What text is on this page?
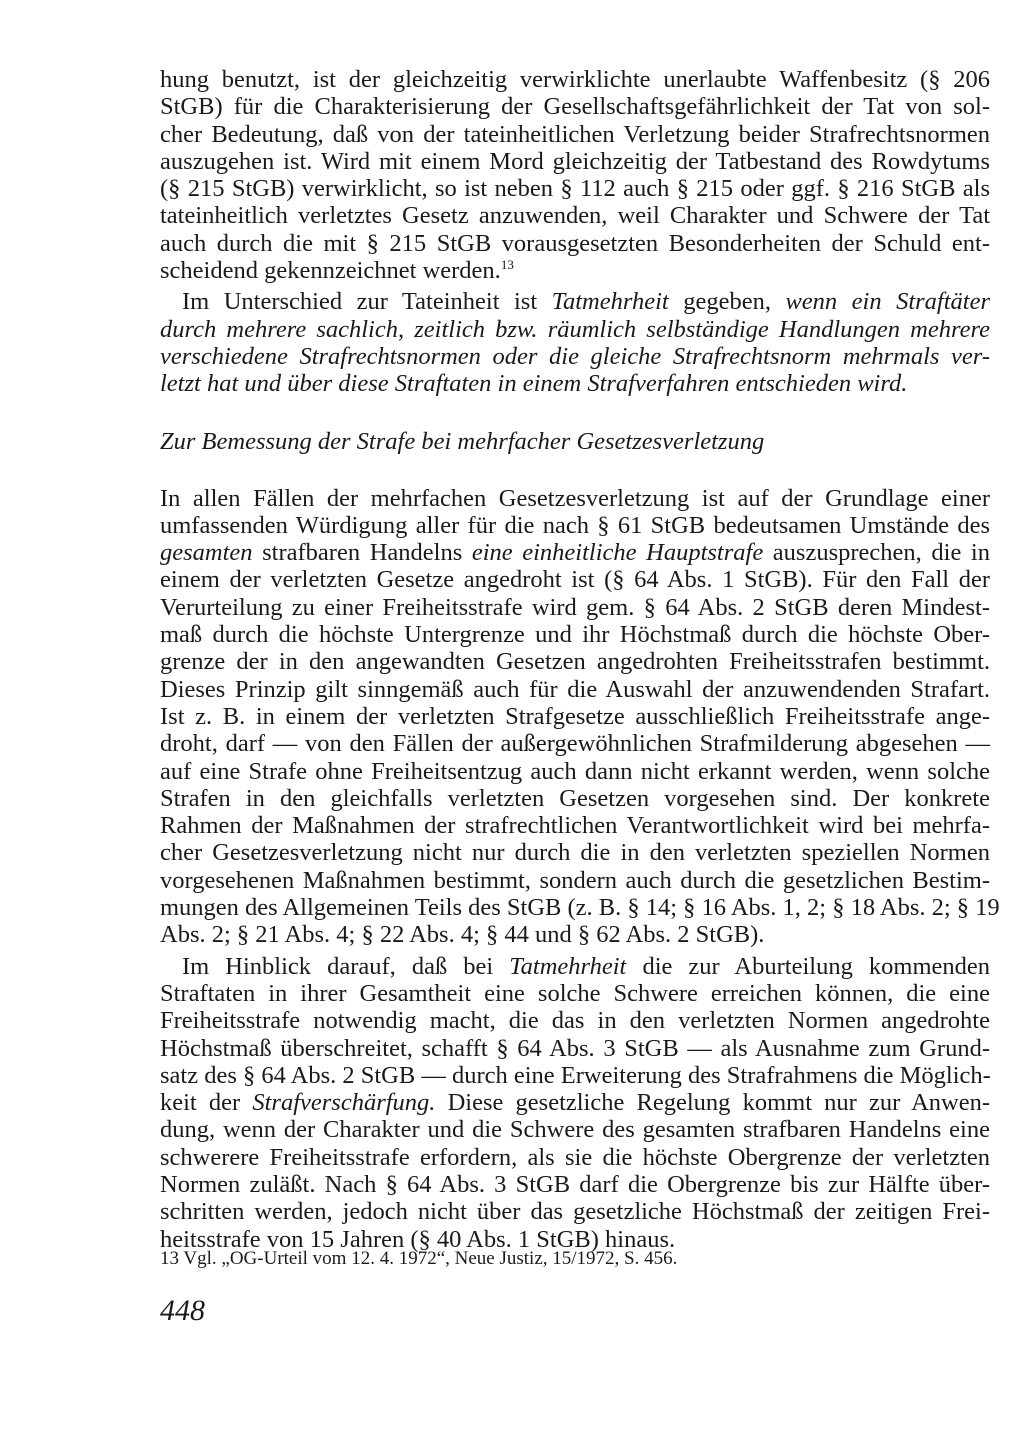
hung benutzt, ist der gleichzeitig verwirklichte unerlaubte Waffenbesitz (§ 206
StGB) für die Charakterisierung der Gesellschaftsgefährlichkeit der Tat von sol-
cher Bedeutung, daß von der tateinheitlichen Verletzung beider Strafrechtsnormen
auszugehen ist. Wird mit einem Mord gleichzeitig der Tatbestand des Rowdytums
(§ 215 StGB) verwirklicht, so ist neben § 112 auch § 215 oder ggf. § 216 StGB als
tateinheitlich verletztes Gesetz anzuwenden, weil Charakter und Schwere der Tat
auch durch die mit § 215 StGB vorausgesetzten Besonderheiten der Schuld ent-
scheidend gekennzeichnet werden.$^{13}$
Im Unterschied zur Tateinheit ist Tatmehrheit gegeben, wenn ein Straftäter
durch mehrere sachlich, zeitlich bzw. räumlich selbständige Handlungen mehrere
verschiedene Strafrechtsnormen oder die gleiche Strafrechtsnorm mehrmals ver-
letzt hat und über diese Straftaten in einem Strafverfahren entschieden wird.
Zur Bemessung der Strafe bei mehrfacher Gesetzesverletzung
In allen Fällen der mehrfachen Gesetzesverletzung ist auf der Grundlage einer
umfassenden Würdigung aller für die nach § 61 StGB bedeutsamen Umstände des
gesamten strafbaren Handelns eine einheitliche Hauptstrafe auszusprechen, die in
einem der verletzten Gesetze angedroht ist (§ 64 Abs. 1 StGB). Für den Fall der
Verurteilung zu einer Freiheitsstrafe wird gem. § 64 Abs. 2 StGB deren Mindest-
maß durch die höchste Untergrenze und ihr Höchstmaß durch die höchste Ober-
grenze der in den angewandten Gesetzen angedrohten Freiheitsstrafen bestimmt.
Dieses Prinzip gilt sinngemäß auch für die Auswahl der anzuwendenden Strafart.
Ist z. B. in einem der verletzten Strafgesetze ausschließlich Freiheitsstrafe ange-
droht, darf — von den Fällen der außergewöhnlichen Strafmilderung abgesehen —
auf eine Strafe ohne Freiheitsentzug auch dann nicht erkannt werden, wenn solche
Strafen in den gleichfalls verletzten Gesetzen vorgesehen sind. Der konkrete
Rahmen der Maßnahmen der strafrechtlichen Verantwortlichkeit wird bei mehrfa-
cher Gesetzesverletzung nicht nur durch die in den verletzten speziellen Normen
vorgesehenen Maßnahmen bestimmt, sondern auch durch die gesetzlichen Bestim-
mungen des Allgemeinen Teils des StGB (z. B. § 14; § 16 Abs. 1, 2; § 18 Abs. 2; § 19
Abs. 2; § 21 Abs. 4; § 22 Abs. 4; § 44 und § 62 Abs. 2 StGB).
Im Hinblick darauf, daß bei Tatmehrheit die zur Aburteilung kommenden
Straftaten in ihrer Gesamtheit eine solche Schwere erreichen können, die eine
Freiheitsstrafe notwendig macht, die das in den verletzten Normen angedrohte
Höchstmaß überschreitet, schafft § 64 Abs. 3 StGB — als Ausnahme zum Grund-
satz des § 64 Abs. 2 StGB — durch eine Erweiterung des Strafrahmens die Möglich-
keit der Strafverschärfung. Diese gesetzliche Regelung kommt nur zur Anwen-
dung, wenn der Charakter und die Schwere des gesamten strafbaren Handelns eine
schwerere Freiheitsstrafe erfordern, als sie die höchste Obergrenze der verletzten
Normen zuläßt. Nach § 64 Abs. 3 StGB darf die Obergrenze bis zur Hälfte über-
schritten werden, jedoch nicht über das gesetzliche Höchstmaß der zeitigen Frei-
heitsstrafe von 15 Jahren (§ 40 Abs. 1 StGB) hinaus.
13 Vgl. „OG-Urteil vom 12. 4. 1972“, Neue Justiz, 15/1972, S. 456.
448
